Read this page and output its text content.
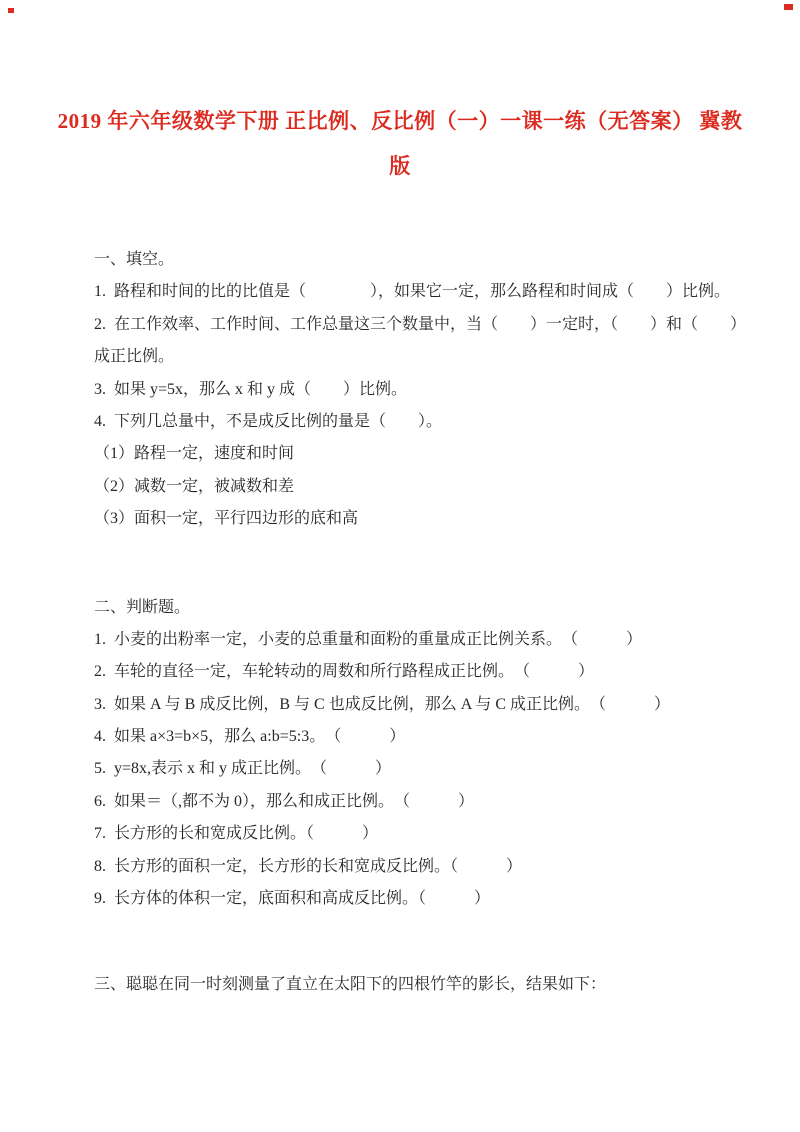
2019 年六年级数学下册 正比例、反比例（一）一课一练（无答案） 冀教
版
一、填空。
1.  路程和时间的比的比值是（　　　　），如果它一定，那么路程和时间成（　　）比例。
2.  在工作效率、工作时间、工作总量这三个数量中，当（　　）一定时，（　　）和（　　）
成正比例。
3.  如果 y=5x，那么 x 和 y 成（　　）比例。
4.  下列几总量中，不是成反比例的量是（　　）。
（1）路程一定，速度和时间
（2）减数一定，被减数和差
（3）面积一定，平行四边形的底和高
二、判断题。
1.  小麦的出粉率一定，小麦的总重量和面粉的重量成正比例关系。　（　　　）
2.  车轮的直径一定，车轮转动的周数和所行路程成正比例。　（　　　）
3.  如果 A 与 B 成反比例，B 与 C 也成反比例，那么 A 与 C 成正比例。　（　　　）
4.  如果 a×3=b×5，那么 a:b=5:3。　（　　　）
5.  y=8x,表示 x 和 y 成正比例。　（　　　）
6.  如果＝（,都不为 0），那么和成正比例。　（　　　）
7.  长方形的长和宽成反比例。（　　　）
8.  长方形的面积一定，长方形的长和宽成反比例。（　　　）
9.  长方体的体积一定，底面积和高成反比例。（　　　）
三、聪聪在同一时刻测量了直立在太阳下的四根竹竿的影长，结果如下：
